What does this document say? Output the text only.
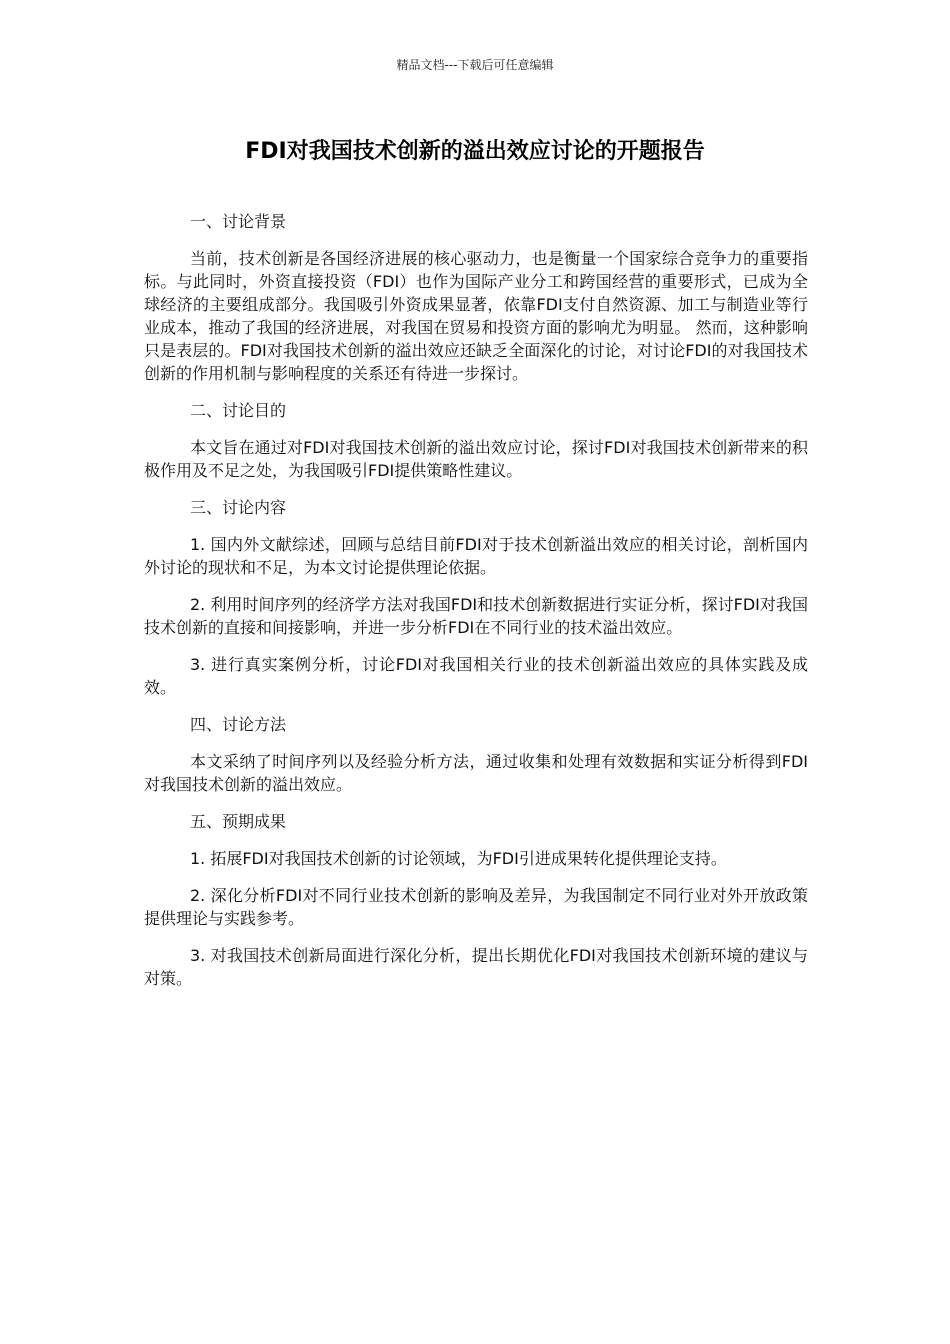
精品文档---下载后可任意编辑
FDI对我国技术创新的溢出效应讨论的开题报告

一、讨论背景

当前，技术创新是各国经济进展的核心驱动力，也是衡量一个国家综合竞争力的重要指标。与此同时，外资直接投资（FDI）也作为国际产业分工和跨国经营的重要形式，已成为全球经济的主要组成部分。我国吸引外资成果显著，依靠FDI支付自然资源、加工与制造业等行业成本，推动了我国的经济进展，对我国在贸易和投资方面的影响尤为明显。 然而，这种影响只是表层的。FDI对我国技术创新的溢出效应还缺乏全面深化的讨论，对讨论FDI的对我国技术创新的作用机制与影响程度的关系还有待进一步探讨。

二、讨论目的

本文旨在通过对FDI对我国技术创新的溢出效应讨论，探讨FDI对我国技术创新带来的积极作用及不足之处，为我国吸引FDI提供策略性建议。

三、讨论内容

1. 国内外文献综述，回顾与总结目前FDI对于技术创新溢出效应的相关讨论，剖析国内外讨论的现状和不足，为本文讨论提供理论依据。

2. 利用时间序列的经济学方法对我国FDI和技术创新数据进行实证分析，探讨FDI对我国技术创新的直接和间接影响，并进一步分析FDI在不同行业的技术溢出效应。

3. 进行真实案例分析，讨论FDI对我国相关行业的技术创新溢出效应的具体实践及成效。

四、讨论方法

本文采纳了时间序列以及经验分析方法，通过收集和处理有效数据和实证分析得到FDI对我国技术创新的溢出效应。

五、预期成果

1. 拓展FDI对我国技术创新的讨论领域，为FDI引进成果转化提供理论支持。

2. 深化分析FDI对不同行业技术创新的影响及差异，为我国制定不同行业对外开放政策提供理论与实践参考。

3. 对我国技术创新局面进行深化分析，提出长期优化FDI对我国技术创新环境的建议与对策。
